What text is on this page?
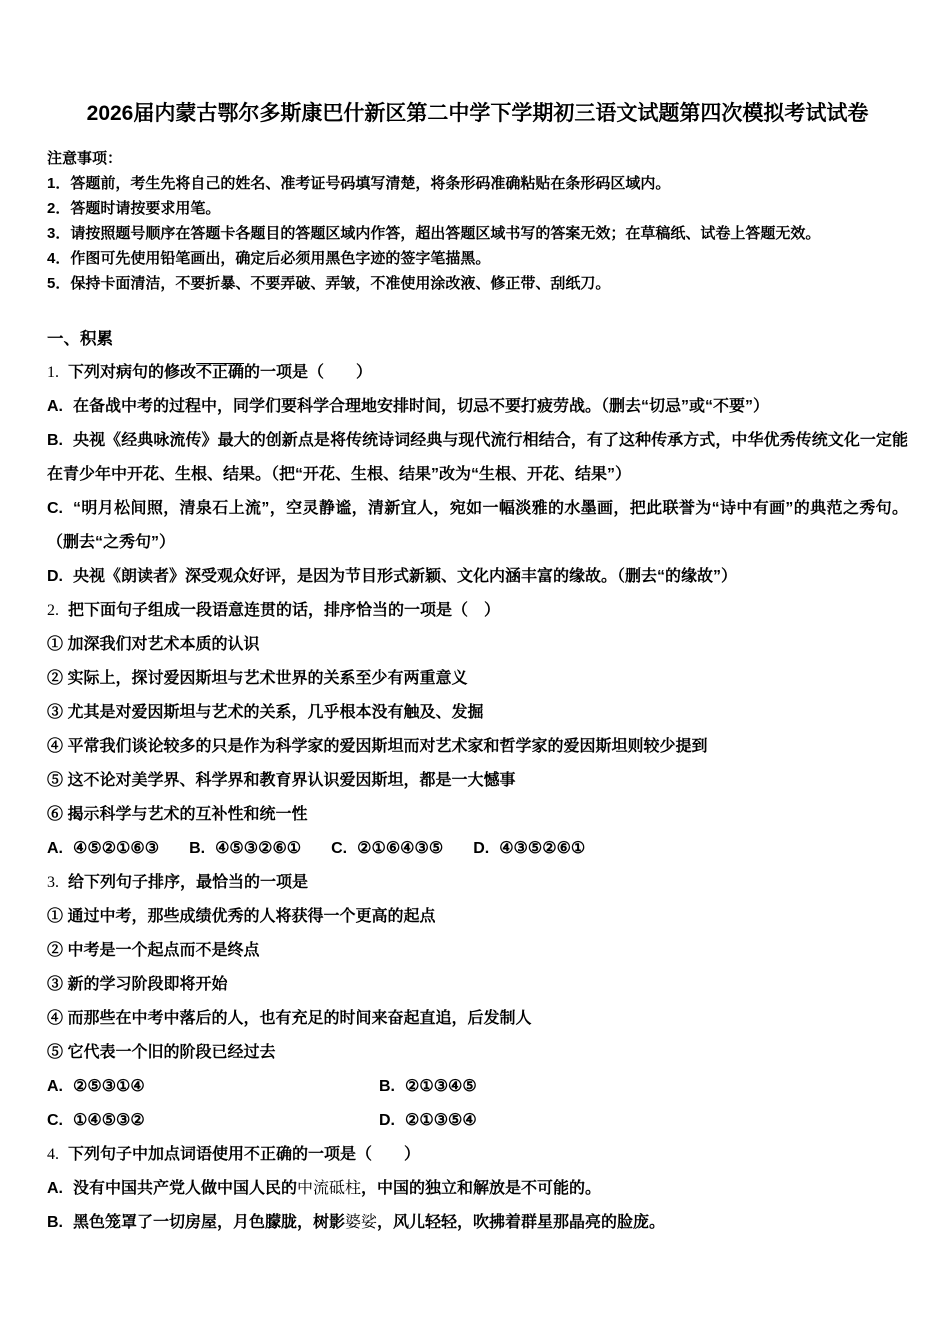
2026届内蒙古鄂尔多斯康巴什新区第二中学下学期初三语文试题第四次模拟考试试卷

注意事项：

1．答题前，考生先将自己的姓名、准考证号码填写清楚，将条形码准确粘贴在条形码区域内。

2．答题时请按要求用笔。

3．请按照题号顺序在答题卡各题目的答题区域内作答，超出答题区域书写的答案无效；在草稿纸、试卷上答题无效。

4．作图可先使用铅笔画出，确定后必须用黑色字迹的签字笔描黑。

5．保持卡面清洁，不要折暴、不要弄破、弄皱，不准使用涂改液、修正带、刮纸刀。

一、积累

1. 下列对病句的修改不正确的一项是（　　）

A. 在备战中考的过程中，同学们要科学合理地安排时间，切忌不要打疲劳战。（删去“切忌”或“不要”）

B. 央视《经典咏流传》最大的创新点是将传统诗词经典与现代流行相结合，有了这种传承方式，中华优秀传统文化一定能在青少年中开花、生根、结果。（把“开花、生根、结果”改为“生根、开花、结果”）

C. “明月松间照，清泉石上流”，空灵静谧，清新宜人，宛如一幅淡雅的水墨画，把此联誉为“诗中有画”的典范之秀句。（删去“之秀句”）

D. 央视《朗读者》深受观众好评，是因为节目形式新颖、文化内涵丰富的缘故。（删去“的缘故”）

2. 把下面句子组成一段语意连贯的话，排序恰当的一项是（　）

① 加深我们对艺术本质的认识

② 实际上，探讨爱因斯坦与艺术世界的关系至少有两重意义

③ 尤其是对爱因斯坦与艺术的关系，几乎根本没有触及、发掘

④ 平常我们谈论较多的只是作为科学家的爱因斯坦而对艺术家和哲学家的爱因斯坦则较少提到

⑤ 这不论对美学界、科学界和教育界认识爱因斯坦，都是一大憾事

⑥ 揭示科学与艺术的互补性和统一性

A. ④⑤②①⑥③ B. ④⑤③②⑥① C. ②①⑥④③⑤ D. ④③⑤②⑥①

3. 给下列句子排序，最恰当的一项是

① 通过中考，那些成绩优秀的人将获得一个更高的起点

② 中考是一个起点而不是终点

③ 新的学习阶段即将开始

④ 而那些在中考中落后的人，也有充足的时间来奋起直追，后发制人

⑤ 它代表一个旧的阶段已经过去

A. ②⑤③①④	B. ②①③④⑤

C. ①④⑤③②	D. ②①③⑤④

4. 下列句子中加点词语使用不正确的一项是（　　）

A. 没有中国共产党人做中国人民的中流砥柱，中国的独立和解放是不可能的。

B. 黑色笼罩了一切房屋，月色朦胧，树影婆娑，风儿轻轻，吹拂着群星那晶亮的脸庞。
